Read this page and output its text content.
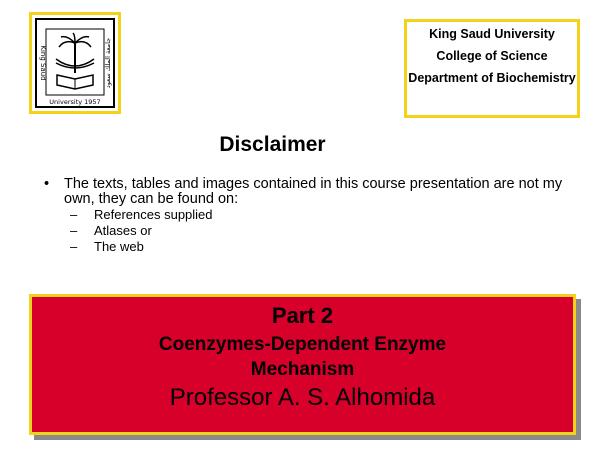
King Saud
University 1957
جامعة الملك سعود
King Saud University
College of Science
Department of Biochemistry
Disclaimer
• The texts, tables and images contained in this course presentation are not my own, they can be found on:
– References supplied
– Atlases or
– The web
Part 2
Coenzymes-Dependent Enzyme
Mechanism
Professor A. S. Alhomida
